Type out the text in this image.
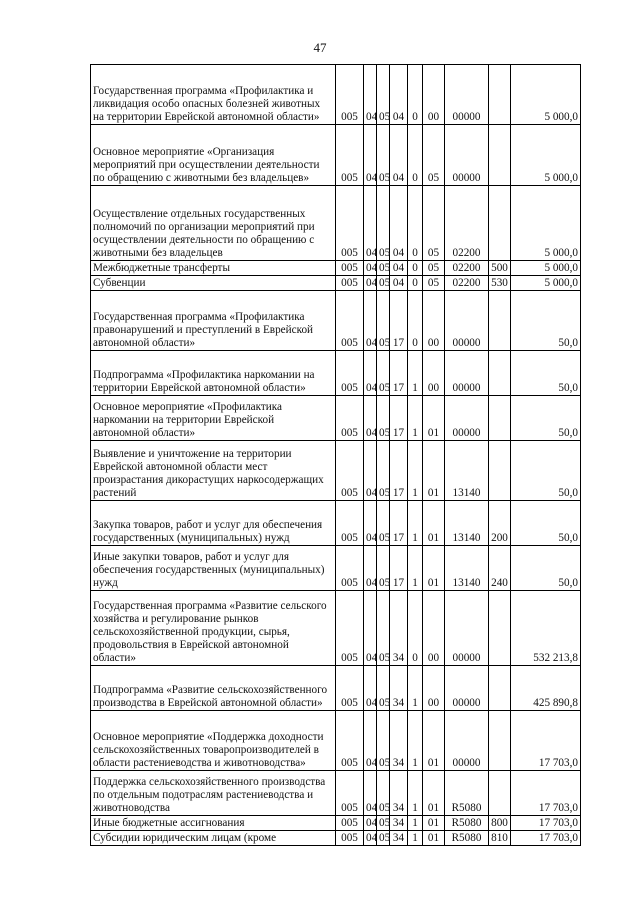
47
Государственная программа «Профилактика и ликвидация особо опасных болезней животных на территории Еврейской автономной области»	005	04	05	04	0	00	00000		5 000,0
Основное мероприятие «Организация мероприятий при осуществлении деятельности по обращению с животными без владельцев»	005	04	05	04	0	05	00000		5 000,0
Осуществление отдельных государственных полномочий по организации мероприятий при осуществлении деятельности по обращению с животными без владельцев	005	04	05	04	0	05	02200		5 000,0
Межбюджетные трансферты	005	04	05	04	0	05	02200	500	5 000,0
Субвенции	005	04	05	04	0	05	02200	530	5 000,0
Государственная программа «Профилактика правонарушений и преступлений в Еврейской автономной области»	005	04	05	17	0	00	00000		50,0
Подпрограмма «Профилактика наркомании на территории Еврейской автономной области»	005	04	05	17	1	00	00000		50,0
Основное мероприятие «Профилактика наркомании на территории Еврейской автономной области»	005	04	05	17	1	01	00000		50,0
Выявление и уничтожение на территории Еврейской автономной области мест произрастания дикорастущих наркосодержащих растений	005	04	05	17	1	01	13140		50,0
Закупка товаров, работ и услуг для обеспечения государственных (муниципальных) нужд	005	04	05	17	1	01	13140	200	50,0
Иные закупки товаров, работ и услуг для обеспечения государственных (муниципальных) нужд	005	04	05	17	1	01	13140	240	50,0
Государственная программа «Развитие сельского хозяйства и регулирование рынков сельскохозяйственной продукции, сырья, продовольствия в Еврейской автономной области»	005	04	05	34	0	00	00000		532 213,8
Подпрограмма «Развитие сельскохозяйственного производства в Еврейской автономной области»	005	04	05	34	1	00	00000		425 890,8
Основное мероприятие «Поддержка доходности сельскохозяйственных товаропроизводителей в области растениеводства и животноводства»	005	04	05	34	1	01	00000		17 703,0
Поддержка сельскохозяйственного производства по отдельным подотраслям растениеводства и животноводства	005	04	05	34	1	01	R5080		17 703,0
Иные бюджетные ассигнования	005	04	05	34	1	01	R5080	800	17 703,0
Субсидии юридическим лицам (кроме	005	04	05	34	1	01	R5080	810	17 703,0
